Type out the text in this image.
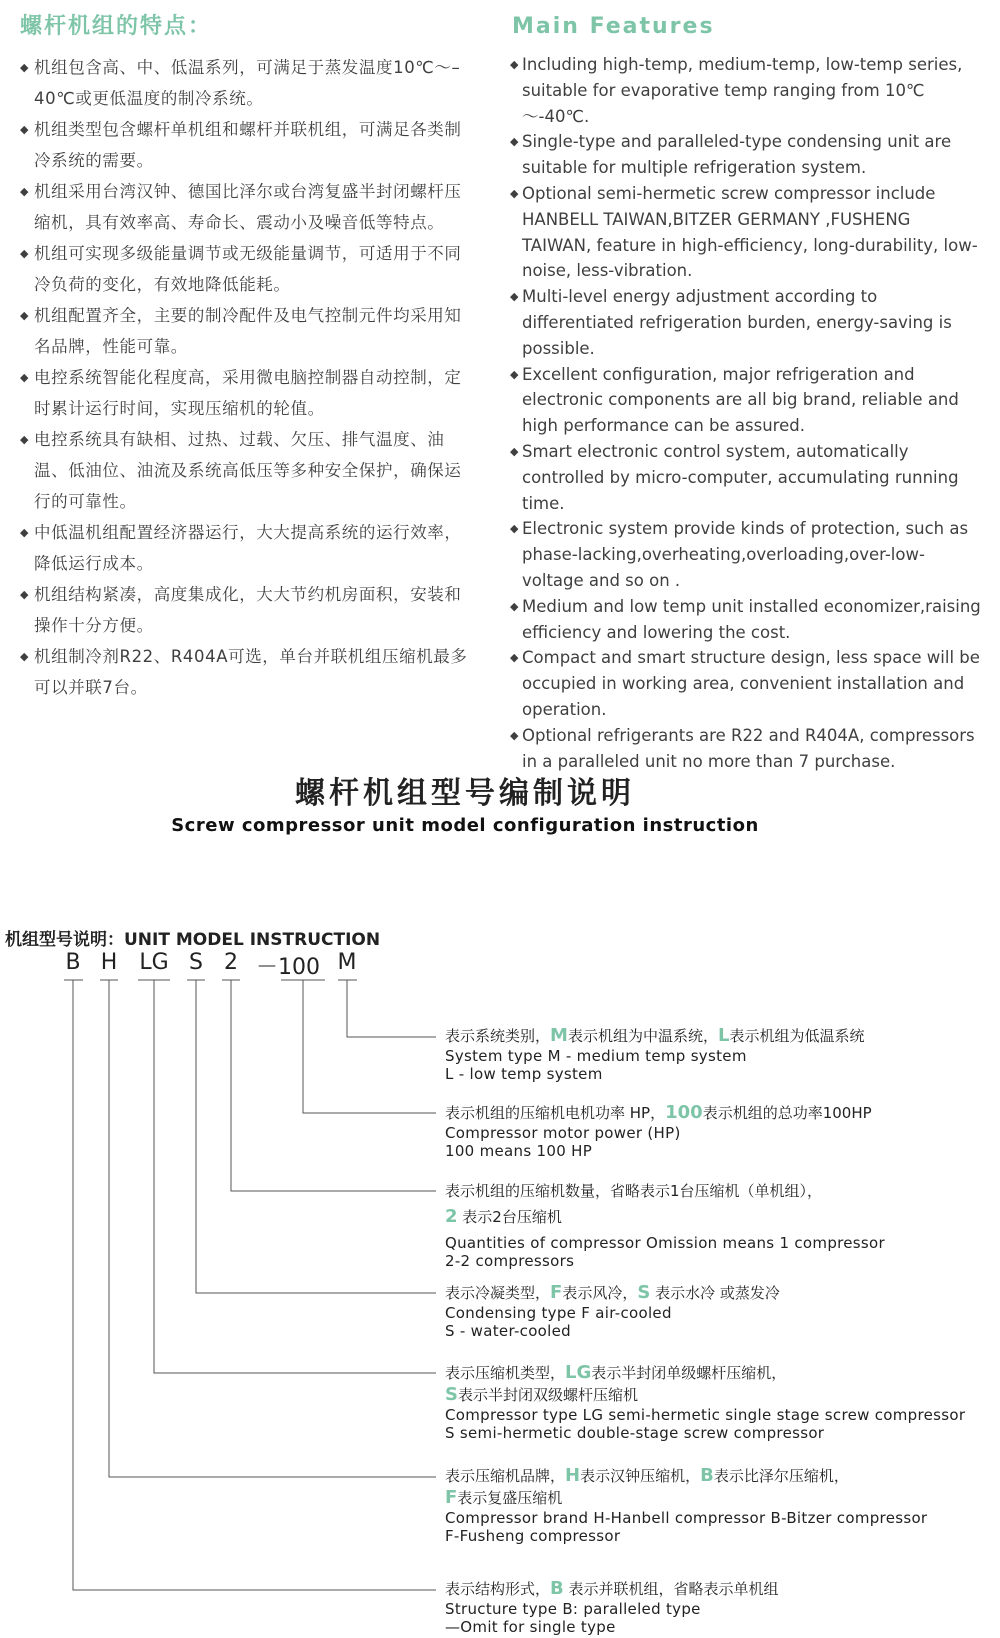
螺杆机组的特点：
◆ 机组包含高、中、低温系列，可满足于蒸发温度10℃～–40℃或更低温度的制冷系统。
◆ 机组类型包含螺杆单机组和螺杆并联机组，可满足各类制冷系统的需要。
◆ 机组采用台湾汉钟、德国比泽尔或台湾复盛半封闭螺杆压缩机，具有效率高、寿命长、震动小及噪音低等特点。
◆ 机组可实现多级能量调节或无级能量调节，可适用于不同冷负荷的变化，有效地降低能耗。
◆ 机组配置齐全，主要的制冷配件及电气控制元件均采用知名品牌，性能可靠。
◆ 电控系统智能化程度高，采用微电脑控制器自动控制，定时累计运行时间，实现压缩机的轮值。
◆ 电控系统具有缺相、过热、过载、欠压、排气温度、油温、低油位、油流及系统高低压等多种安全保护，确保运行的可靠性。
◆ 中低温机组配置经济器运行，大大提高系统的运行效率，降低运行成本。
◆ 机组结构紧凑，高度集成化，大大节约机房面积，安装和操作十分方便。
◆ 机组制冷剂R22、R404A可选，单台并联机组压缩机最多可以并联7台。
Main Features
◆ Including high-temp, medium-temp, low-temp series, suitable for evaporative temp ranging from 10℃～-40℃.
◆ Single-type and paralleled-type condensing unit are suitable for multiple refrigeration system.
◆ Optional semi-hermetic screw compressor include HANBELL TAIWAN,BITZER GERMANY ,FUSHENG TAIWAN, feature in high-efficiency, long-durability, low-noise, less-vibration.
◆ Multi-level energy adjustment according to differentiated refrigeration burden, energy-saving is possible.
◆ Excellent configuration, major refrigeration and electronic components are all big brand, reliable and high performance can be assured.
◆ Smart electronic control system, automatically controlled by micro-computer, accumulating running time.
◆ Electronic system provide kinds of protection, such as phase-lacking,overheating,overloading,over-low-voltage and so on .
◆ Medium and low temp unit installed economizer,raising efficiency and lowering the cost.
◆ Compact and smart structure design, less space will be occupied in working area, convenient installation and operation.
◆ Optional refrigerants are R22 and R404A, compressors in a paralleled unit no more than 7 purchase.
螺杆机组型号编制说明
Screw compressor unit model configuration instruction
机组型号说明：UNIT MODEL INSTRUCTION
B H LG S 2 －100 M
表示系统类别，M表示机组为中温系统，L表示机组为低温系统
System type M - medium temp system
L - low temp system
表示机组的压缩机电机功率 HP，100表示机组的总功率100HP
Compressor motor power (HP)
100 means 100 HP
表示机组的压缩机数量，省略表示1台压缩机（单机组），
2 表示2台压缩机
Quantities of compressor Omission means 1 compressor
2-2 compressors
表示冷凝类型，F表示风冷，S 表示水冷 或蒸发冷
Condensing type F air-cooled
S - water-cooled
表示压缩机类型，LG表示半封闭单级螺杆压缩机，
S表示半封闭双级螺杆压缩机
Compressor type LG semi-hermetic single stage screw compressor
S semi-hermetic double-stage screw compressor
表示压缩机品牌，H表示汉钟压缩机，B表示比泽尔压缩机，
F表示复盛压缩机
Compressor brand H-Hanbell compressor B-Bitzer compressor
F-Fusheng compressor
表示结构形式，B 表示并联机组，省略表示单机组
Structure type B: paralleled type
—Omit for single type
